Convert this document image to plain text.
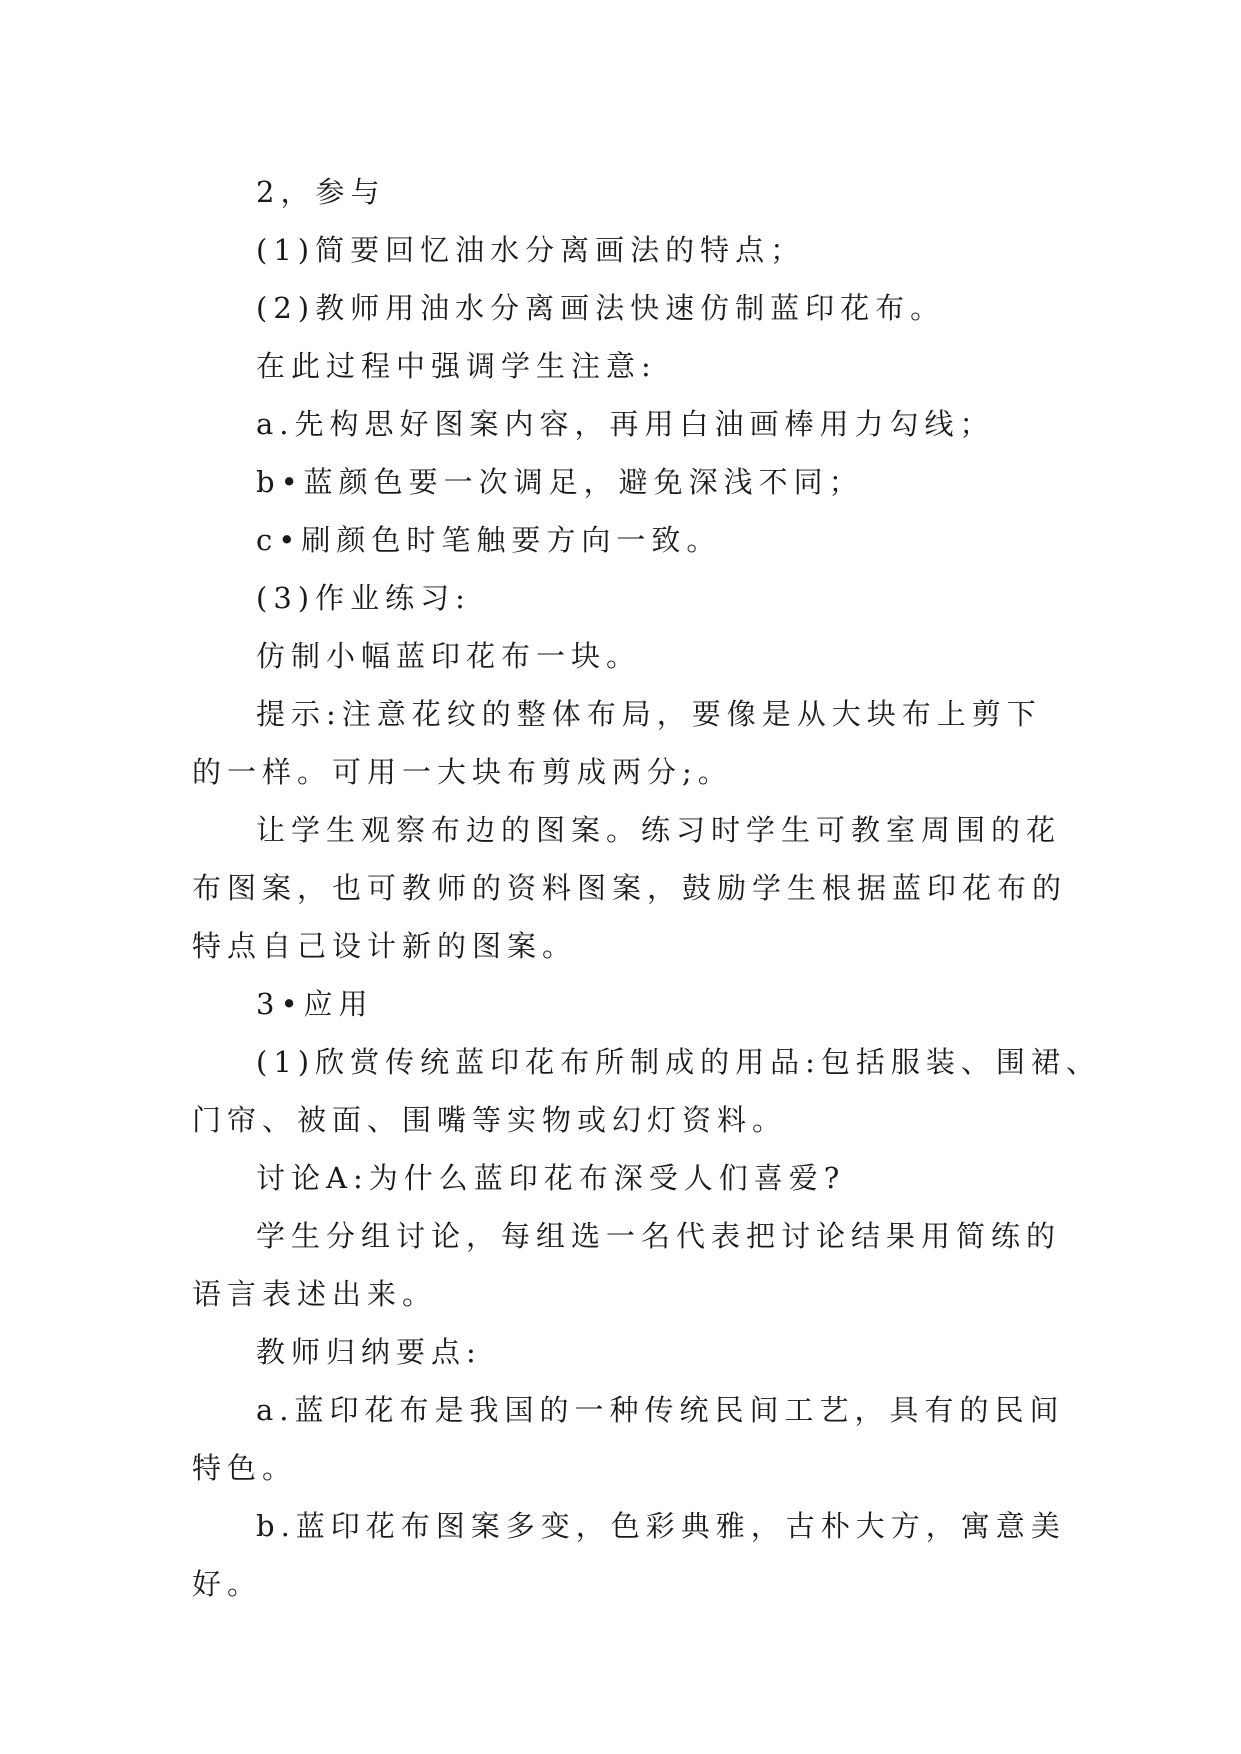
2，参与

(1)简要回忆油水分离画法的特点；

(2)教师用油水分离画法快速仿制蓝印花布。

在此过程中强调学生注意:

a.先构思好图案内容，再用白油画棒用力勾线；

b•蓝颜色要一次调足，避免深浅不同；

c•刷颜色时笔触要方向一致。

(3)作业练习:

仿制小幅蓝印花布一块。

提示:注意花纹的整体布局，要像是从大块布上剪下的一样。可用一大块布剪成两分;。

让学生观察布边的图案。练习时学生可教室周围的花布图案，也可教师的资料图案，鼓励学生根据蓝印花布的特点自己设计新的图案。

3•应用

(1)欣赏传统蓝印花布所制成的用品:包括服装、围裙、门帘、被面、围嘴等实物或幻灯资料。

讨论A:为什么蓝印花布深受人们喜爱?

学生分组讨论，每组选一名代表把讨论结果用简练的语言表述出来。

教师归纳要点:

a.蓝印花布是我国的一种传统民间工艺，具有的民间特色。

b.蓝印花布图案多变，色彩典雅，古朴大方，寓意美好。
